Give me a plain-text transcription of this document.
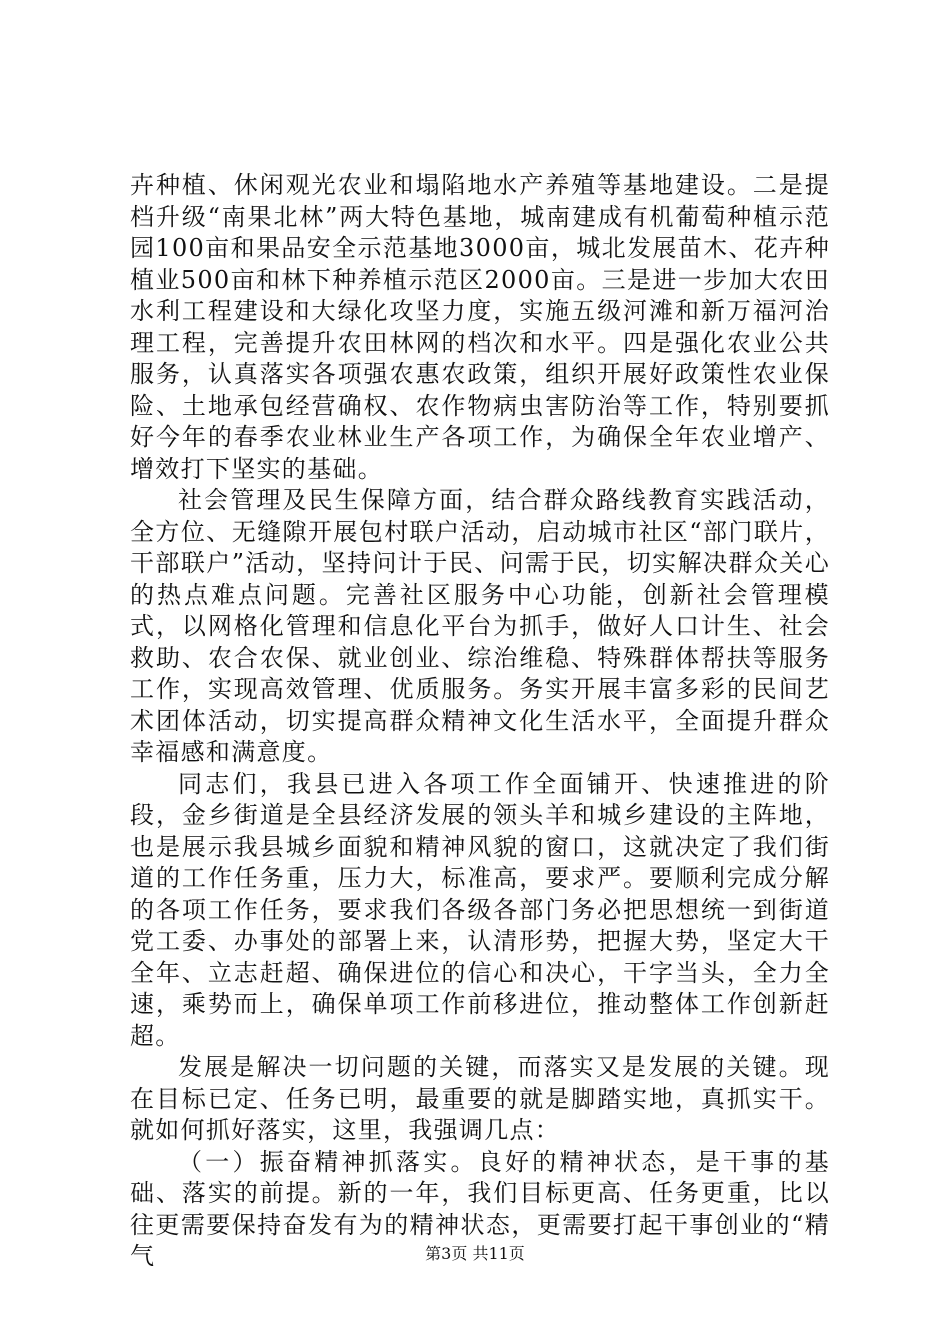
卉种植、休闲观光农业和塌陷地水产养殖等基地建设。二是提档升级“南果北林”两大特色基地，城南建成有机葡萄种植示范园100亩和果品安全示范基地3000亩，城北发展苗木、花卉种植业500亩和林下种养植示范区2000亩。三是进一步加大农田水利工程建设和大绿化攻坚力度，实施五级河滩和新万福河治理工程，完善提升农田林网的档次和水平。四是强化农业公共服务，认真落实各项强农惠农政策，组织开展好政策性农业保险、土地承包经营确权、农作物病虫害防治等工作，特别要抓好今年的春季农业林业生产各项工作，为确保全年农业增产、增效打下坚实的基础。

社会管理及民生保障方面，结合群众路线教育实践活动，全方位、无缝隙开展包村联户活动，启动城市社区“部门联片，干部联户”活动，坚持问计于民、问需于民，切实解决群众关心的热点难点问题。完善社区服务中心功能，创新社会管理模式，以网格化管理和信息化平台为抓手，做好人口计生、社会救助、农合农保、就业创业、综治维稳、特殊群体帮扶等服务工作，实现高效管理、优质服务。务实开展丰富多彩的民间艺术团体活动，切实提高群众精神文化生活水平，全面提升群众幸福感和满意度。

同志们，我县已进入各项工作全面铺开、快速推进的阶段，金乡街道是全县经济发展的领头羊和城乡建设的主阵地，也是展示我县城乡面貌和精神风貌的窗口，这就决定了我们街道的工作任务重，压力大，标准高，要求严。要顺利完成分解的各项工作任务，要求我们各级各部门务必把思想统一到街道党工委、办事处的部署上来，认清形势，把握大势，坚定大干全年、立志赶超、确保进位的信心和决心，干字当头，全力全速，乘势而上，确保单项工作前移进位，推动整体工作创新赶超。

发展是解决一切问题的关键，而落实又是发展的关键。现在目标已定、任务已明，最重要的就是脚踏实地，真抓实干。就如何抓好落实，这里，我强调几点：

（一）振奋精神抓落实。良好的精神状态，是干事的基础、落实的前提。新的一年，我们目标更高、任务更重，比以往更需要保持奋发有为的精神状态，更需要打起干事创业的“精气	第3页 共11页
